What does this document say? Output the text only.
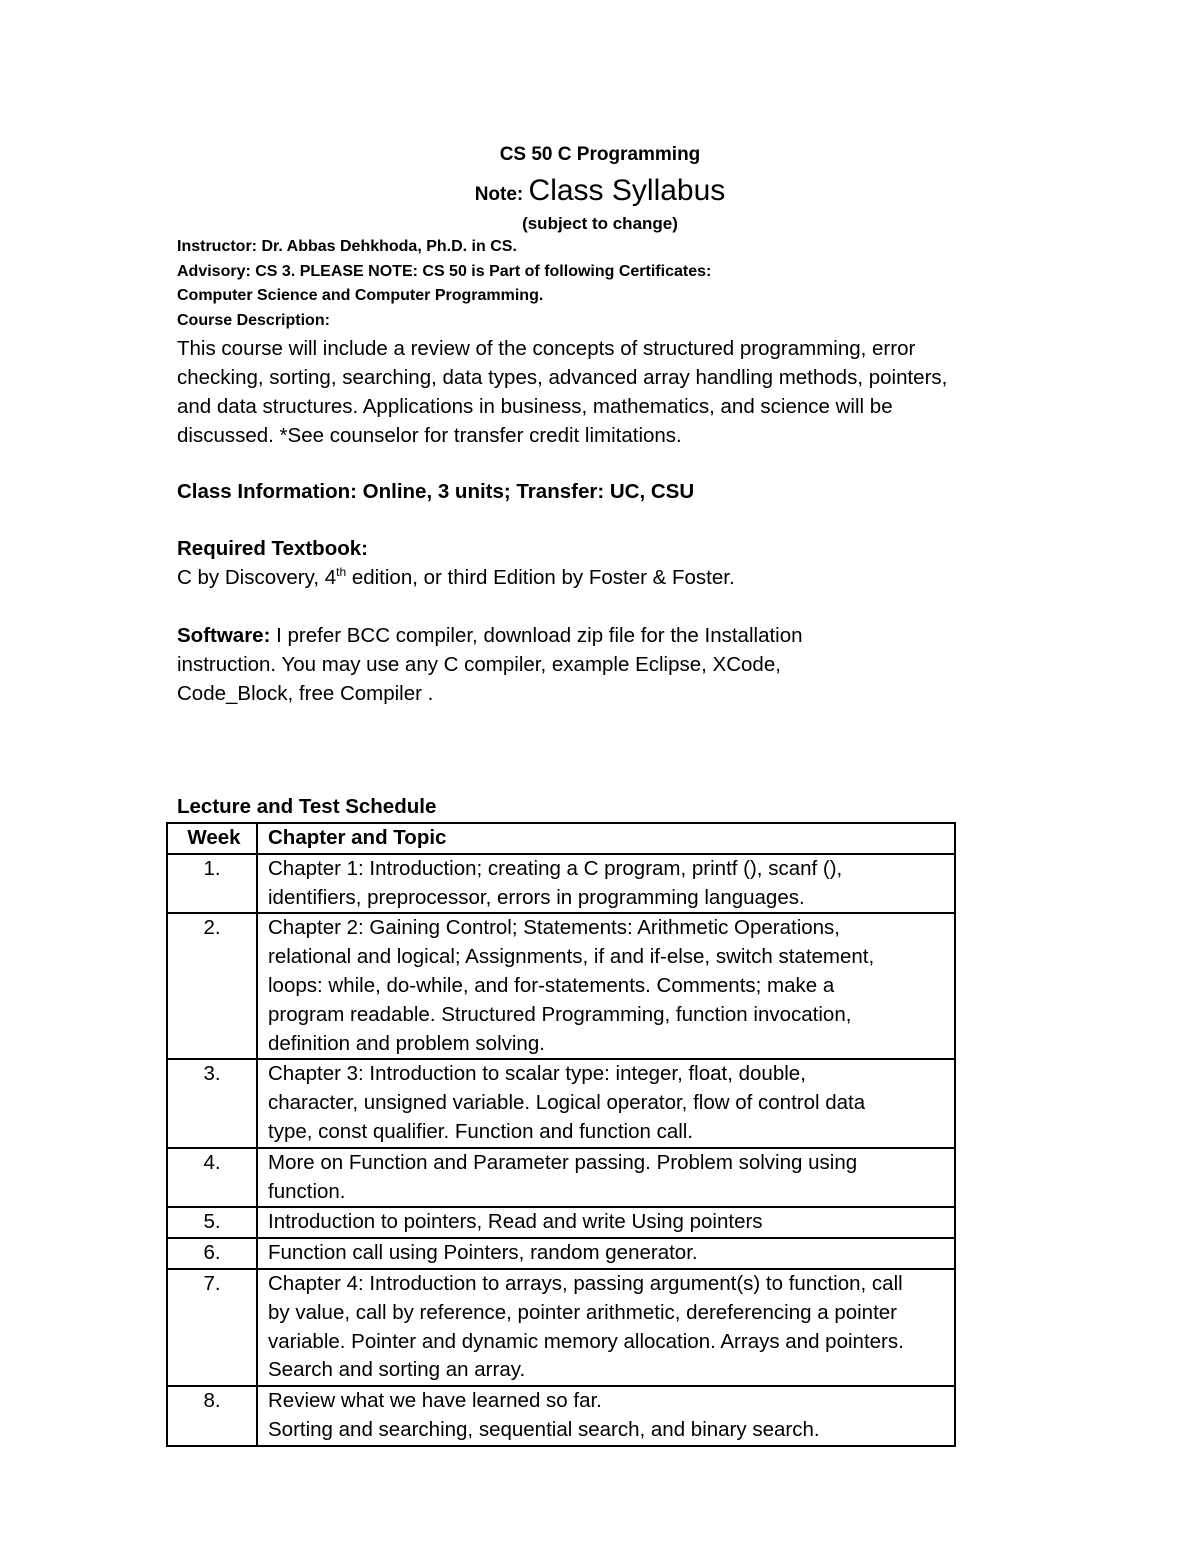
CS 50 C Programming
Note: Class Syllabus
(subject to change)
Instructor: Dr. Abbas Dehkhoda, Ph.D. in CS.
Advisory: CS 3. PLEASE NOTE: CS 50 is Part of following Certificates:
Computer Science and Computer Programming.
Course Description:
This course will include a review of the concepts of structured programming, error
checking, sorting, searching, data types, advanced array handling methods, pointers,
and data structures. Applications in business, mathematics, and science will be
discussed. *See counselor for transfer credit limitations.
Class Information: Online, 3 units; Transfer: UC, CSU
Required Textbook:
C by Discovery, 4th edition, or third Edition by Foster & Foster.
Software: I prefer BCC compiler, download zip file for the Installation
instruction. You may use any C compiler, example Eclipse, XCode,
Code_Block, free Compiler .
Lecture and Test Schedule
Week	Chapter and Topic
1.	Chapter 1: Introduction; creating a C program, printf (), scanf (),
identifiers, preprocessor, errors in programming languages.

2.	Chapter 2: Gaining Control; Statements: Arithmetic Operations,
relational and logical; Assignments, if and if-else, switch statement,
loops: while, do-while, and for-statements. Comments; make a
program readable. Structured Programming, function invocation,
definition and problem solving.

3.	Chapter 3: Introduction to scalar type: integer, float, double,
character, unsigned variable. Logical operator, flow of control data
type, const qualifier. Function and function call.

4.	More on Function and Parameter passing. Problem solving using
function.

5.	Introduction to pointers, Read and write Using pointers

6.	Function call using Pointers, random generator.

7.	Chapter 4: Introduction to arrays, passing argument(s) to function, call
by value, call by reference, pointer arithmetic, dereferencing a pointer
variable. Pointer and dynamic memory allocation. Arrays and pointers.
Search and sorting an array.

8.	Review what we have learned so far.
Sorting and searching, sequential search, and binary search.
